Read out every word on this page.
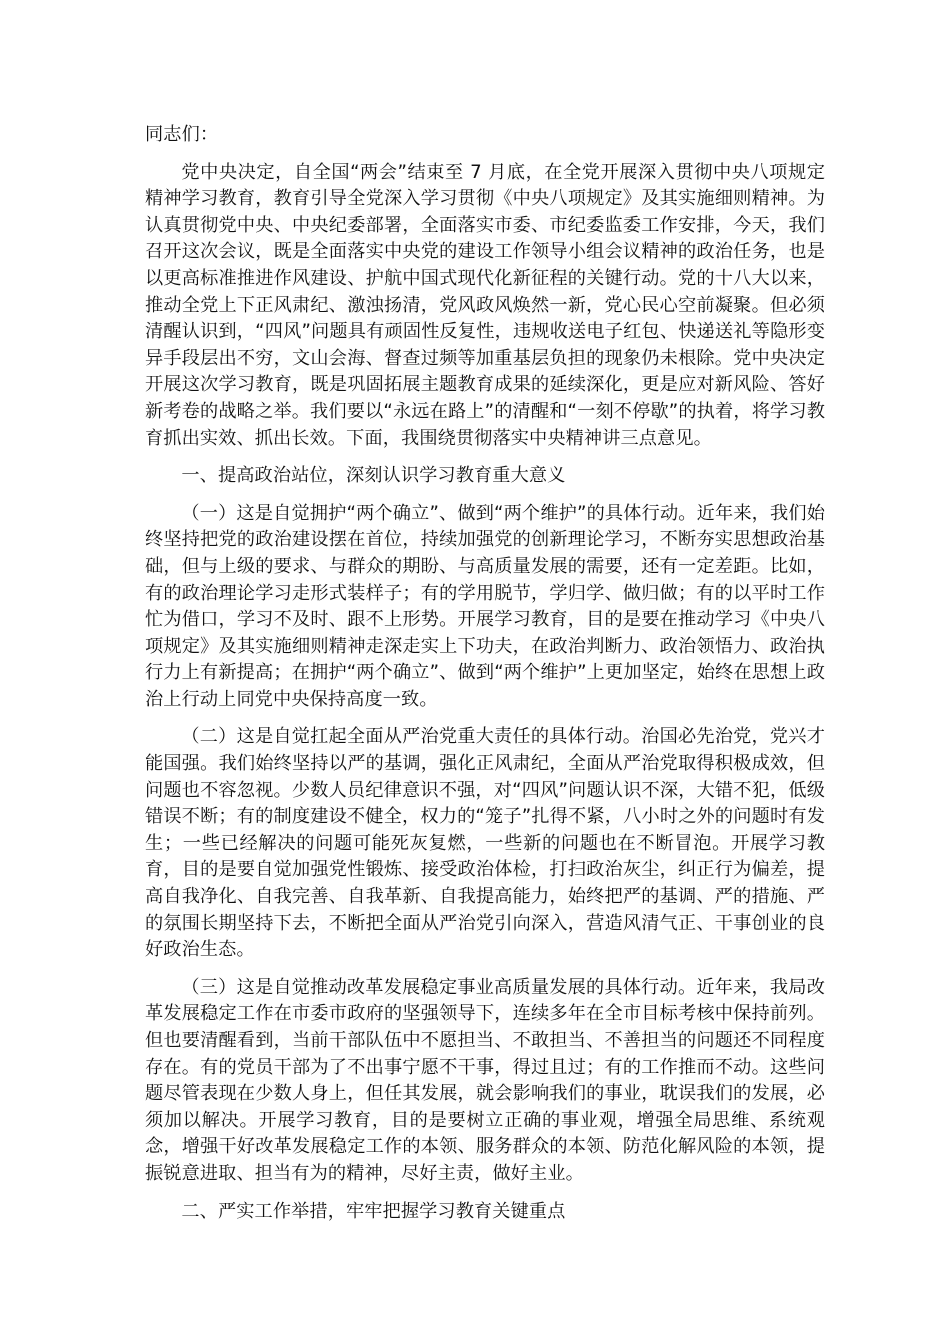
同志们：

党中央决定，自全国“两会”结束至 7 月底，在全党开展深入贯彻中央八项规定精神学习教育，教育引导全党深入学习贯彻《中央八项规定》及其实施细则精神。为认真贯彻党中央、中央纪委部署，全面落实市委、市纪委监委工作安排，今天，我们召开这次会议，既是全面落实中央党的建设工作领导小组会议精神的政治任务，也是以更高标准推进作风建设、护航中国式现代化新征程的关键行动。党的十八大以来，推动全党上下正风肃纪、激浊扬清，党风政风焕然一新，党心民心空前凝聚。但必须清醒认识到，“四风”问题具有顽固性反复性，违规收送电子红包、快递送礼等隐形变异手段层出不穷，文山会海、督查过频等加重基层负担的现象仍未根除。党中央决定开展这次学习教育，既是巩固拓展主题教育成果的延续深化，更是应对新风险、答好新考卷的战略之举。我们要以“永远在路上”的清醒和“一刻不停歇”的执着，将学习教育抓出实效、抓出长效。下面，我围绕贯彻落实中央精神讲三点意见。

一、提高政治站位，深刻认识学习教育重大意义

（一）这是自觉拥护“两个确立”、做到“两个维护”的具体行动。近年来，我们始终坚持把党的政治建设摆在首位，持续加强党的创新理论学习，不断夯实思想政治基础，但与上级的要求、与群众的期盼、与高质量发展的需要，还有一定差距。比如，有的政治理论学习走形式装样子；有的学用脱节，学归学、做归做；有的以平时工作忙为借口，学习不及时、跟不上形势。开展学习教育，目的是要在推动学习《中央八项规定》及其实施细则精神走深走实上下功夫，在政治判断力、政治领悟力、政治执行力上有新提高；在拥护“两个确立”、做到“两个维护”上更加坚定，始终在思想上政治上行动上同党中央保持高度一致。

（二）这是自觉扛起全面从严治党重大责任的具体行动。治国必先治党，党兴才能国强。我们始终坚持以严的基调，强化正风肃纪，全面从严治党取得积极成效，但问题也不容忽视。少数人员纪律意识不强，对“四风”问题认识不深，大错不犯，低级错误不断；有的制度建设不健全，权力的“笼子”扎得不紧，八小时之外的问题时有发生；一些已经解决的问题可能死灰复燃，一些新的问题也在不断冒泡。开展学习教育，目的是要自觉加强党性锻炼、接受政治体检，打扫政治灰尘，纠正行为偏差，提高自我净化、自我完善、自我革新、自我提高能力，始终把严的基调、严的措施、严的氛围长期坚持下去，不断把全面从严治党引向深入，营造风清气正、干事创业的良好政治生态。

（三）这是自觉推动改革发展稳定事业高质量发展的具体行动。近年来，我局改革发展稳定工作在市委市政府的坚强领导下，连续多年在全市目标考核中保持前列。但也要清醒看到，当前干部队伍中不愿担当、不敢担当、不善担当的问题还不同程度存在。有的党员干部为了不出事宁愿不干事，得过且过；有的工作推而不动。这些问题尽管表现在少数人身上，但任其发展，就会影响我们的事业，耽误我们的发展，必须加以解决。开展学习教育，目的是要树立正确的事业观，增强全局思维、系统观念，增强干好改革发展稳定工作的本领、服务群众的本领、防范化解风险的本领，提振锐意进取、担当有为的精神，尽好主责，做好主业。

二、严实工作举措，牢牢把握学习教育关键重点
